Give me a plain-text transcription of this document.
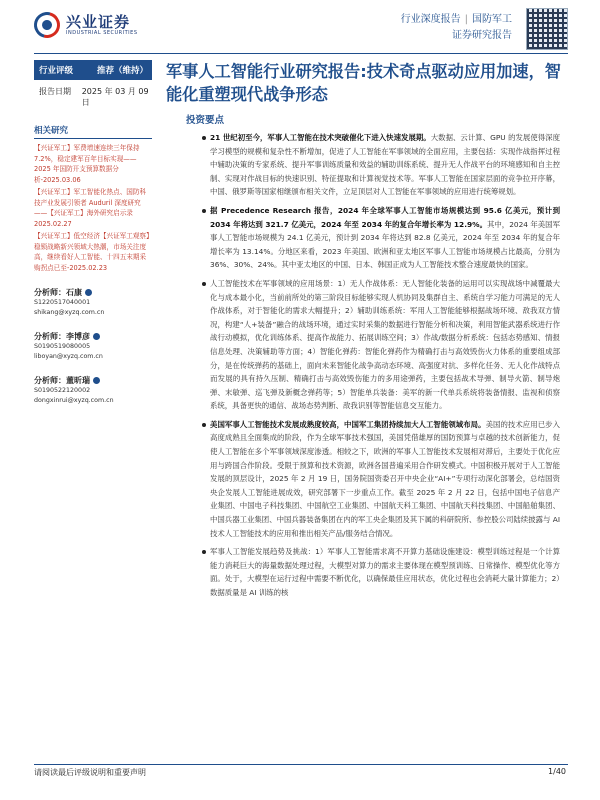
兴业证券
INDUSTRIAL SECURITIES
行业深度报告 | 国防军工
证券研究报告
行业评级	推荐（维持）
报告日期	2025 年 03 月 09 日
相关研究
【兴证军工】军费增速连续三年保持 7.2%，稳定建军百年目标实现——2025 年国防开支预算数据分析-2025.03.06
【兴证军工】军工智能化热点、国防科技产业发展引领者 Auduril 深度研究——【兴证军工】海外研究启示录 2025.02.27
【兴证军工】低空经济【兴证军工观察】稳锁战略新兴领域大热潮，市场关注度高，继续看好人工智能、十四五末期采购拐点已至-2025.02.23
分析师： 石康
S1220517040001
shikang@xyzq.com.cn
分析师： 李博彦
S0190519080005
liboyan@xyzq.com.cn
分析师： 董昕瑞
S0190522120002
dongxinrui@xyzq.com.cn
军事人工智能行业研究报告:技术奇点驱动应用加速，智能化重塑现代战争形态
投资要点
21 世纪初至今，军事人工智能在技术突破催化下进入快速发展期。大数据、云计算、GPU 的发展使得深度学习模型的规模和复杂性不断增加，促进了人工智能在军事领域的全面应用，主要包括：实现作战指挥过程中辅助决策的专家系统、提升军事训练质量和效益的辅助训练系统、提升无人作战平台的环境感知和自主控制、实现对作战目标的快速识别、特征提取和计算视觉技术等。军事人工智能在国家层面的竞争拉开序幕，中国、俄罗斯等国家相继颁布相关文件，立足顶层对人工智能在军事领域的应用进行统筹规划。
据 Precedence Research 报告，2024 年全球军事人工智能市场规模达到 95.6 亿美元，预计到 2034 年将达到 321.7 亿美元，2024 年至 2034 年的复合年增长率为 12.9%。其中，2024 年美国军事人工智能市场规模为 24.1 亿美元，预计到 2034 年将达到 82.8 亿美元，2024 年至 2034 年的复合年增长率为 13.14%。分地区来看，2023 年美国、欧洲和亚太地区军事人工智能市场规模占比最高，分别为 36%、30%、24%。其中亚太地区的中国、日本、韩国正成为人工智能技术整合速度最快的国家。
人工智能技术在军事领域的应用场景：1）无人作战体系：无人智能化装备的运用可以实现战场中减覆最大化与成本最小化，当前前所处的第三阶段目标能够实现人机协同及集群自主、系统自学习能力可满足的无人作战体系，对于智能化的需求大幅提升；2）辅助训练系统：军用人工智能能够根据战场环境、敌我双方情况，构建“人+装备”融合的战场环境，通过实时采集的数据进行智能分析和决策，利用智能武器系统进行作战行动模拟，优化训练体系、提高作战能力、拓展训练空间；3）作战/数据分析系统：包括态势感知、情报信息处理、决策辅助等方面；4）智能化弹药：智能化弹药作为精确打击与高效毁伤火力体系的重要组成部分，是在传统弹药的基础上，面向未来智能化战争高动态环境、高强度对抗、多样化任务、无人化作战特点而发展的具有持久压制、精确打击与高效毁伤能力的多用途弹药，主要包括战术导弹、制导火箭、制导炮弹、末敏弹、巡飞弹及新概念弹药等；5）智能单兵装备：美军的新一代单兵系统将装备情报、监视和侦察系统，具备更快的通信、战场态势判断、敌我识别等智能信息交互能力。
美国军事人工智能技术发展成熟度较高，中国军工集团持续加大人工智能领域布局。美国的技术应用已步入高度成熟且全面集成的阶段，作为全球军事技术强国，美国凭借雄厚的国防预算与卓越的技术创新能力，促使人工智能在多个军事领域深度渗透。相较之下，欧洲的军事人工智能技术发展相对滞后，主要处于优化应用与跨国合作阶段。受限于预算和技术资源，欧洲各国普遍采用合作研发模式。中国积极开展对于人工智能发展的顶层设计，2025 年 2 月 19 日，国务院国资委召开中央企业“AI+”专项行动深化部署会，总结国资央企发展人工智能进展成效，研究部署下一步重点工作。截至 2025 年 2 月 22 日，包括中国电子信息产业集团、中国电子科技集团、中国航空工业集团、中国航天科工集团、中国航天科技集团、中国船舶集团、中国兵器工业集团、中国兵器装备集团在内的军工央企集团及其下属的科研院所、参控股公司陆续披露与 AI 技术人工智能技术的应用和推出相关产品/服务结合情况。
军事人工智能发展趋势及挑战：1）军事人工智能需求离不开算力基础设施建设：模型训练过程是一个计算能力消耗巨大的海量数据处理过程，大模型对算力的需求主要体现在模型预训练、日常操作、模型优化等方面。处于，大模型在运行过程中需要不断优化，以确保最佳应用状态，优化过程也会消耗大量计算能力；2）数据质量是 AI 训练的核
请阅读最后评级说明和重要声明	1/40
